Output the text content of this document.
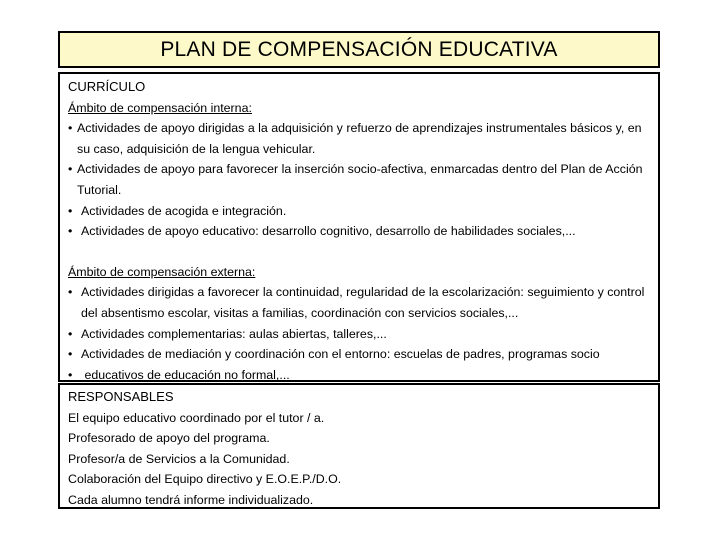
PLAN DE COMPENSACIÓN EDUCATIVA
CURRÍCULO
Ámbito de compensación interna:
• Actividades de apoyo dirigidas a la adquisición y refuerzo de aprendizajes instrumentales básicos y, en su caso, adquisición de la lengua vehicular.
• Actividades de apoyo para favorecer la inserción socio-afectiva, enmarcadas dentro del Plan de Acción Tutorial.
• Actividades de acogida e integración.
• Actividades de apoyo educativo: desarrollo cognitivo, desarrollo de habilidades sociales,...
Ámbito de compensación externa:
• Actividades dirigidas a favorecer la continuidad, regularidad de la escolarización: seguimiento y control del absentismo escolar, visitas a familias, coordinación con servicios sociales,...
• Actividades complementarias: aulas abiertas, talleres,...
• Actividades de mediación y coordinación con el entorno: escuelas de padres, programas socio
• educativos de educación no formal,...
RESPONSABLES
El equipo educativo coordinado por el tutor / a.
Profesorado de apoyo del programa.
Profesor/a de Servicios a la Comunidad.
Colaboración del Equipo directivo y E.O.E.P./D.O.
Cada alumno tendrá informe individualizado.
